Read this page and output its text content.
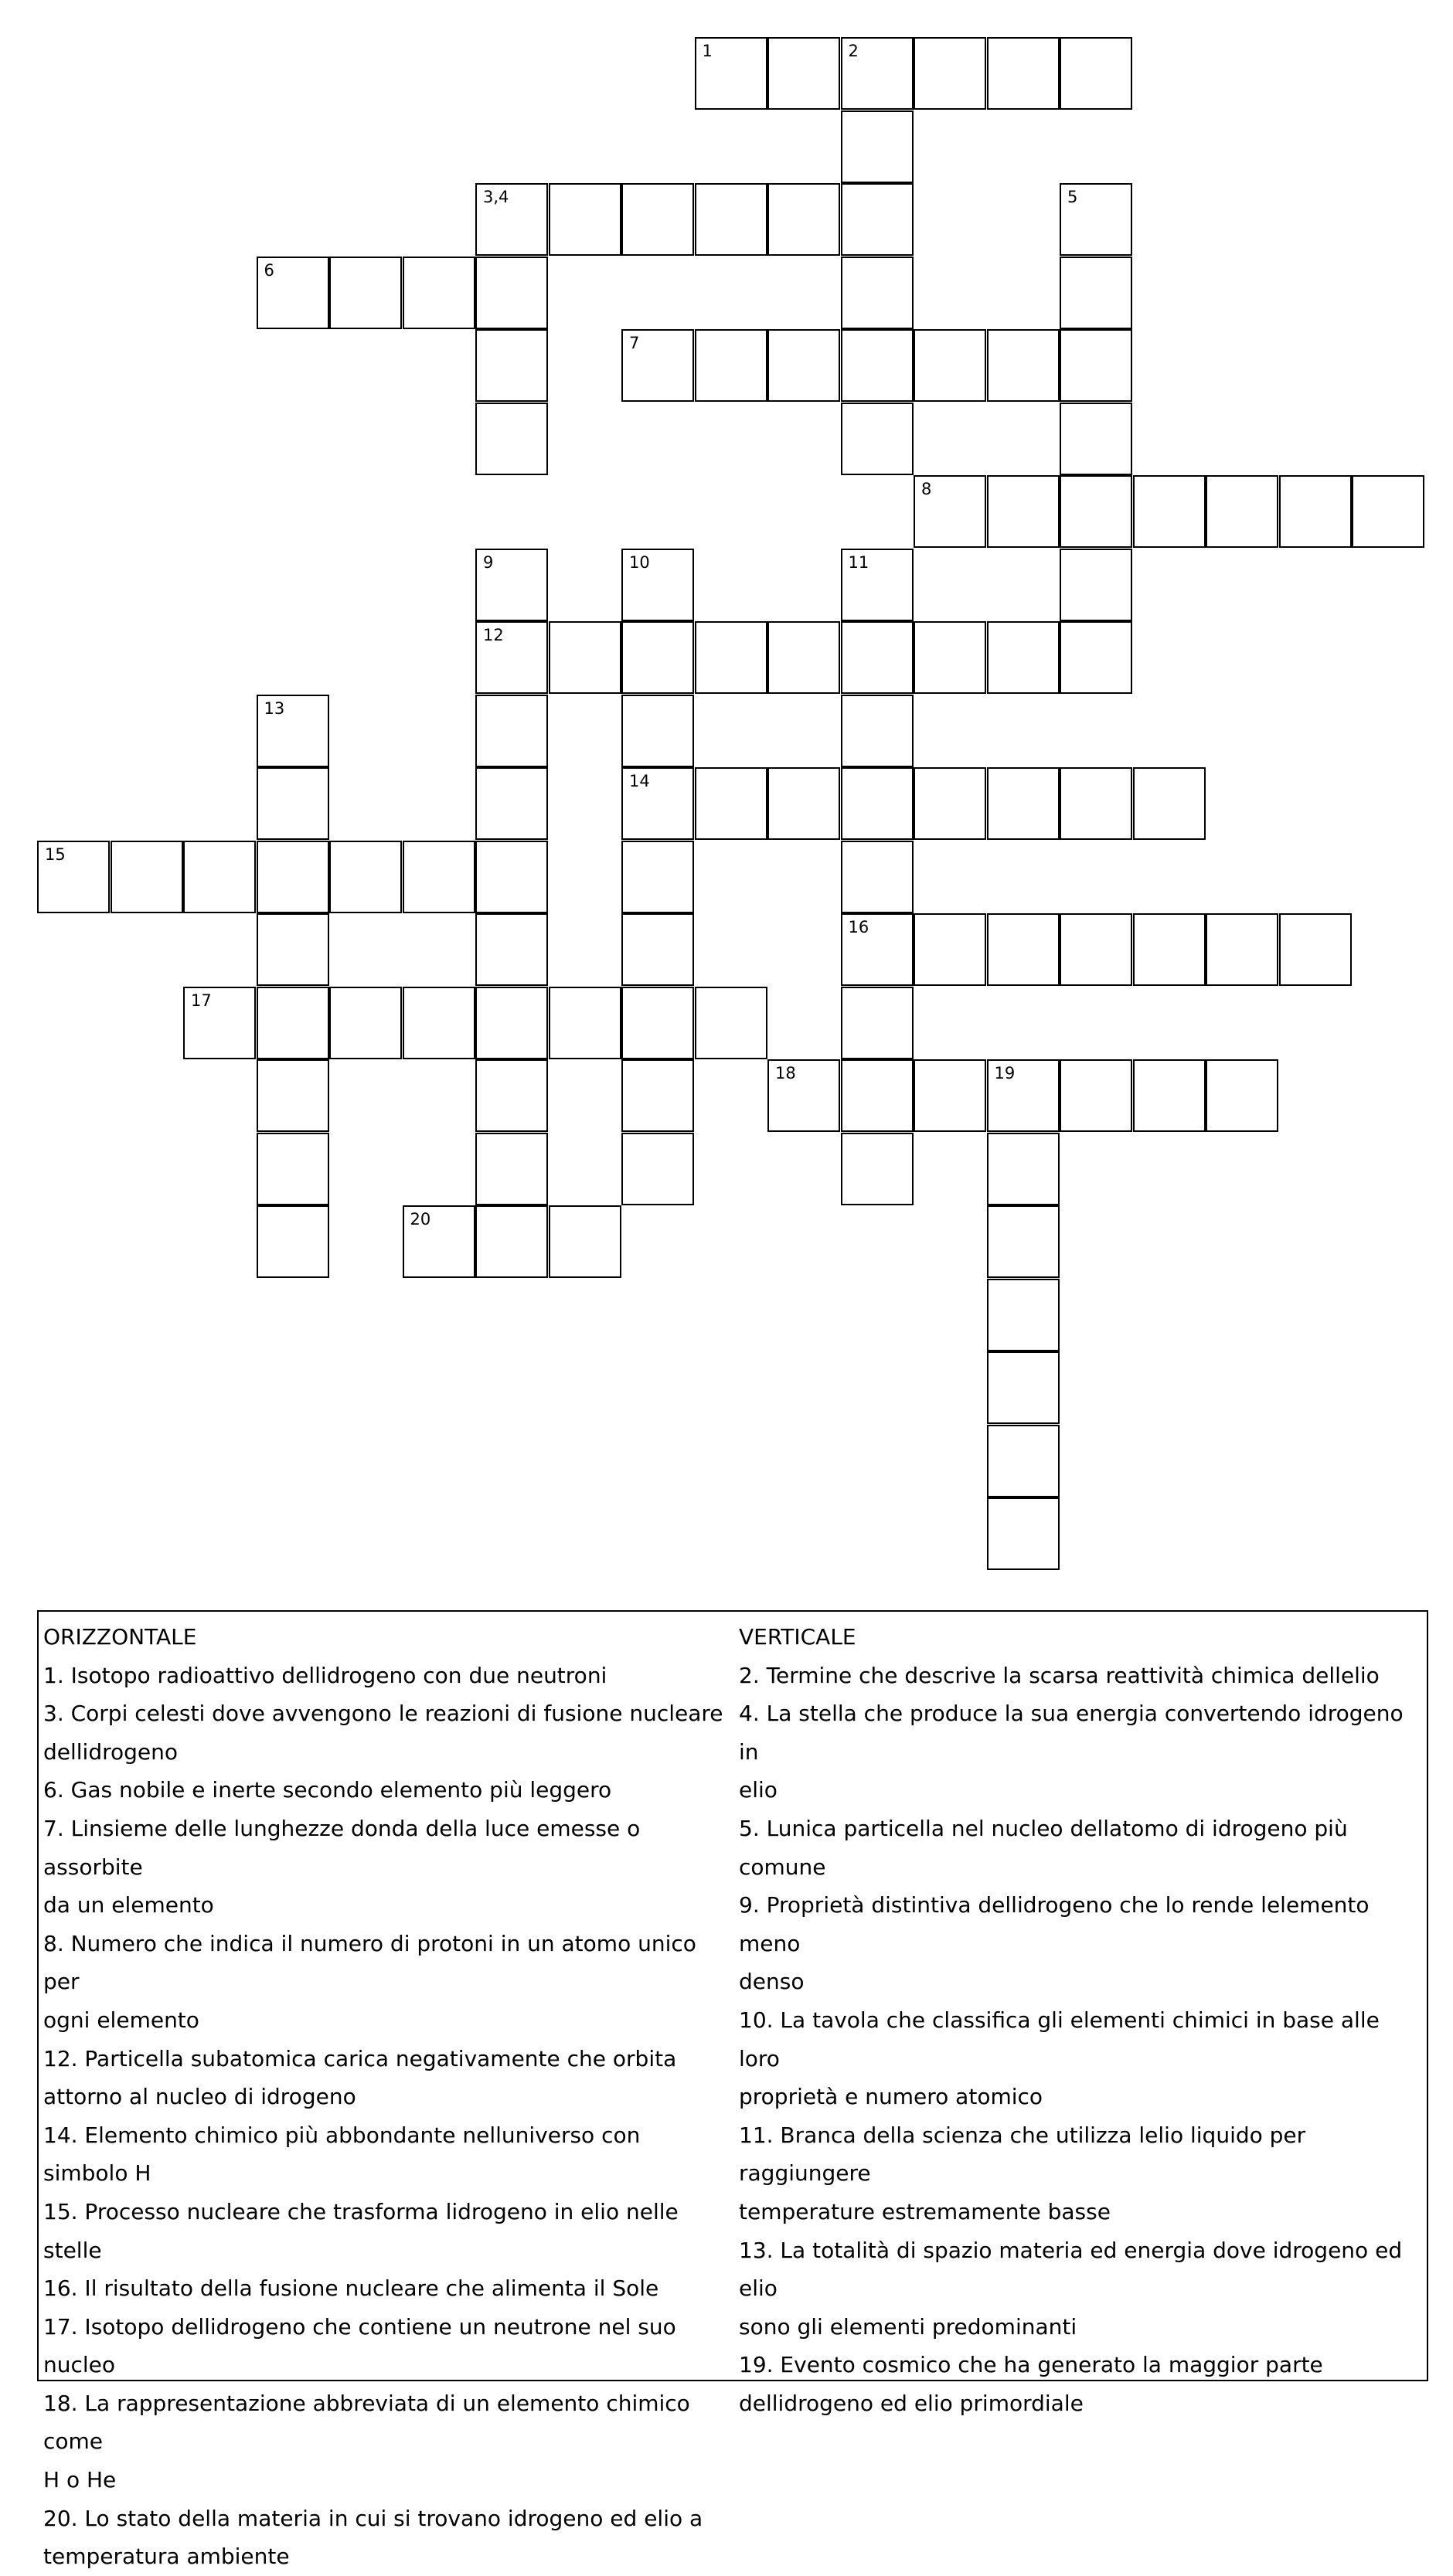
1	2
3,4	5
6
7
8
9	10	11
12
13
14
15
16
17
18	19
20
ORIZZONTALE
1. Isotopo radioattivo dellidrogeno con due neutroni
3. Corpi celesti dove avvengono le reazioni di fusione nucleare
dellidrogeno
6. Gas nobile e inerte secondo elemento più leggero
7. Linsieme delle lunghezze donda della luce emesse o assorbite
da un elemento
8. Numero che indica il numero di protoni in un atomo unico per
ogni elemento
12. Particella subatomica carica negativamente che orbita
attorno al nucleo di idrogeno
14. Elemento chimico più abbondante nelluniverso con simbolo H
15. Processo nucleare che trasforma lidrogeno in elio nelle stelle
16. Il risultato della fusione nucleare che alimenta il Sole
17. Isotopo dellidrogeno che contiene un neutrone nel suo nucleo
18. La rappresentazione abbreviata di un elemento chimico come
H o He
20. Lo stato della materia in cui si trovano idrogeno ed elio a
temperatura ambiente
VERTICALE
2. Termine che descrive la scarsa reattività chimica dellelio
4. La stella che produce la sua energia convertendo idrogeno in
elio
5. Lunica particella nel nucleo dellatomo di idrogeno più comune
9. Proprietà distintiva dellidrogeno che lo rende lelemento meno
denso
10. La tavola che classifica gli elementi chimici in base alle loro
proprietà e numero atomico
11. Branca della scienza che utilizza lelio liquido per raggiungere
temperature estremamente basse
13. La totalità di spazio materia ed energia dove idrogeno ed elio
sono gli elementi predominanti
19. Evento cosmico che ha generato la maggior parte
dellidrogeno ed elio primordiale
